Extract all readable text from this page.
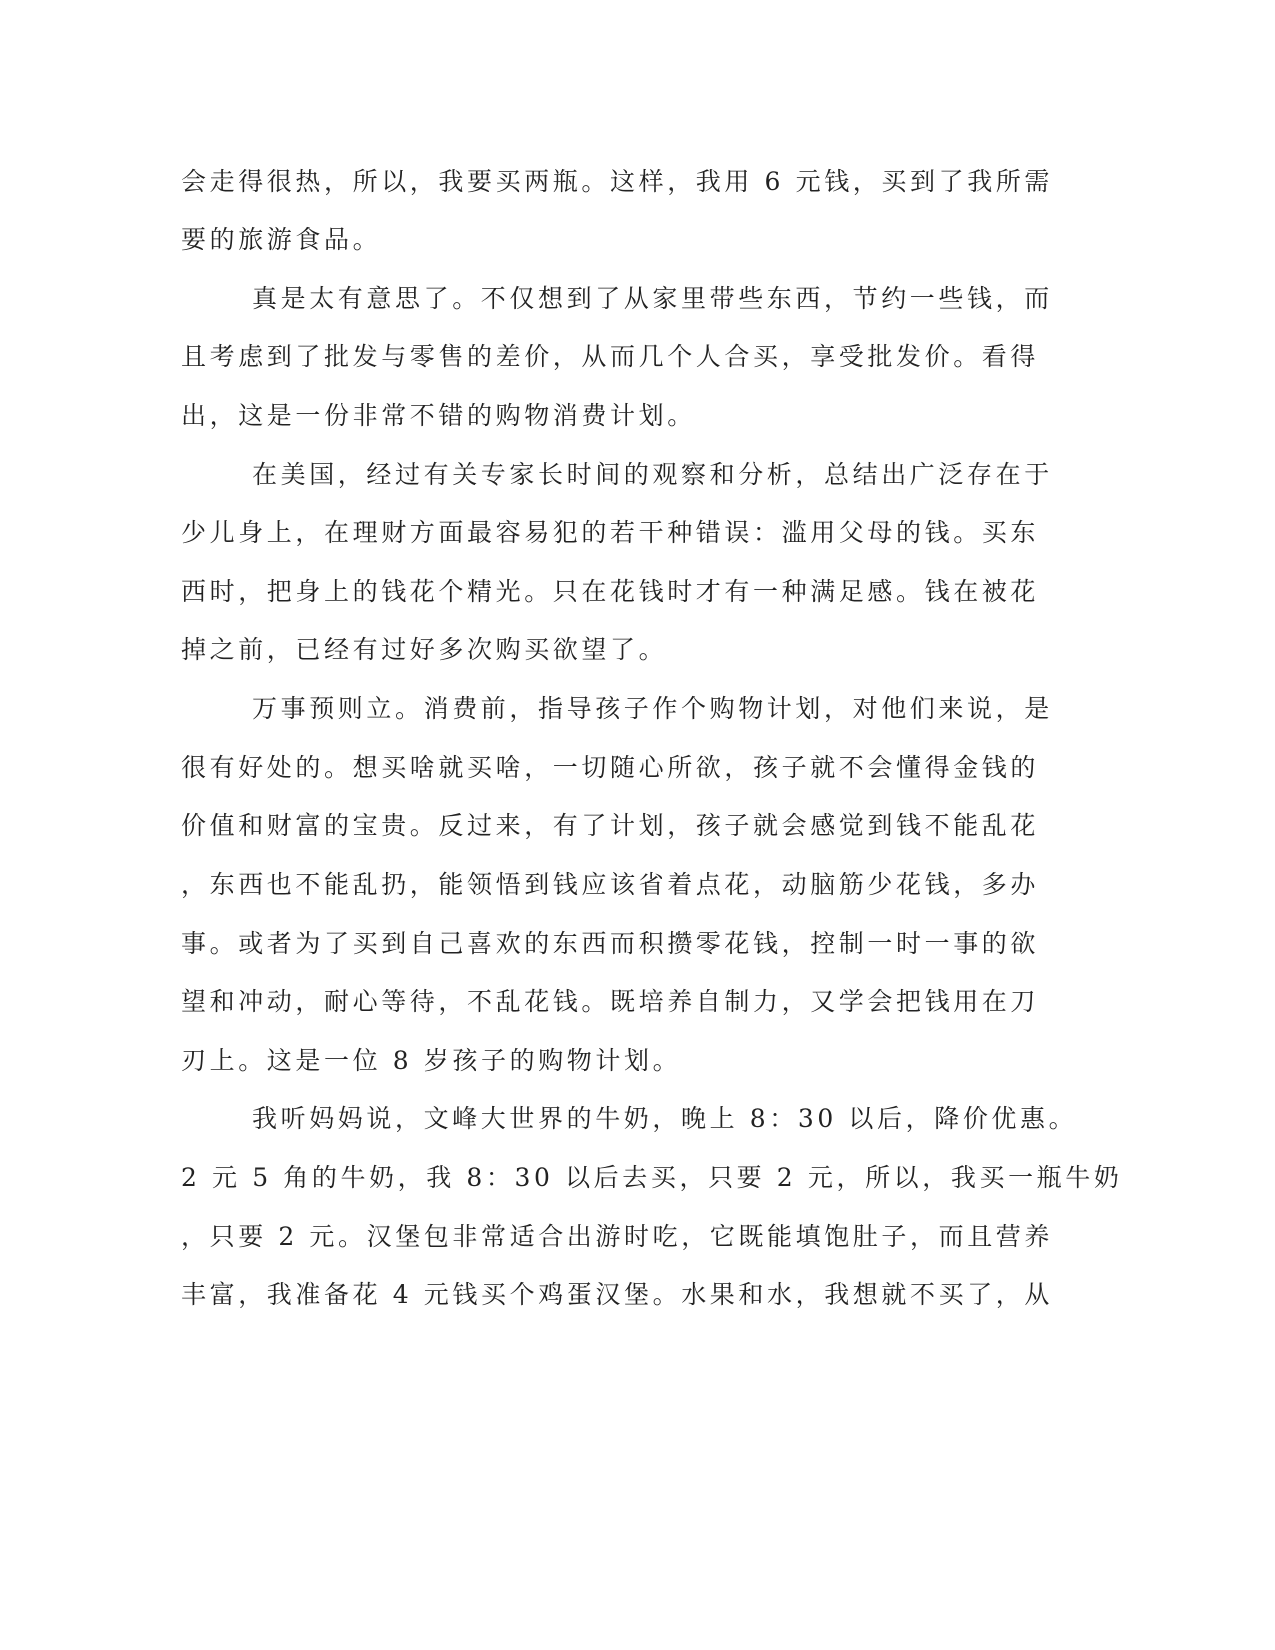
会走得很热，所以，我要买两瓶。这样，我用 6 元钱，买到了我所需
要的旅游食品。
真是太有意思了。不仅想到了从家里带些东西，节约一些钱，而
且考虑到了批发与零售的差价，从而几个人合买，享受批发价。看得
出，这是一份非常不错的购物消费计划。
在美国，经过有关专家长时间的观察和分析，总结出广泛存在于
少儿身上，在理财方面最容易犯的若干种错误：滥用父母的钱。买东
西时，把身上的钱花个精光。只在花钱时才有一种满足感。钱在被花
掉之前，已经有过好多次购买欲望了。
万事预则立。消费前，指导孩子作个购物计划，对他们来说，是
很有好处的。想买啥就买啥，一切随心所欲，孩子就不会懂得金钱的
价值和财富的宝贵。反过来，有了计划，孩子就会感觉到钱不能乱花
，东西也不能乱扔，能领悟到钱应该省着点花，动脑筋少花钱，多办
事。或者为了买到自己喜欢的东西而积攒零花钱，控制一时一事的欲
望和冲动，耐心等待，不乱花钱。既培养自制力，又学会把钱用在刀
刃上。这是一位 8 岁孩子的购物计划。
我听妈妈说，文峰大世界的牛奶，晚上 8：30 以后，降价优惠。
2 元 5 角的牛奶，我 8：30 以后去买，只要 2 元，所以，我买一瓶牛奶
，只要 2 元。汉堡包非常适合出游时吃，它既能填饱肚子，而且营养
丰富，我准备花 4 元钱买个鸡蛋汉堡。水果和水，我想就不买了，从
